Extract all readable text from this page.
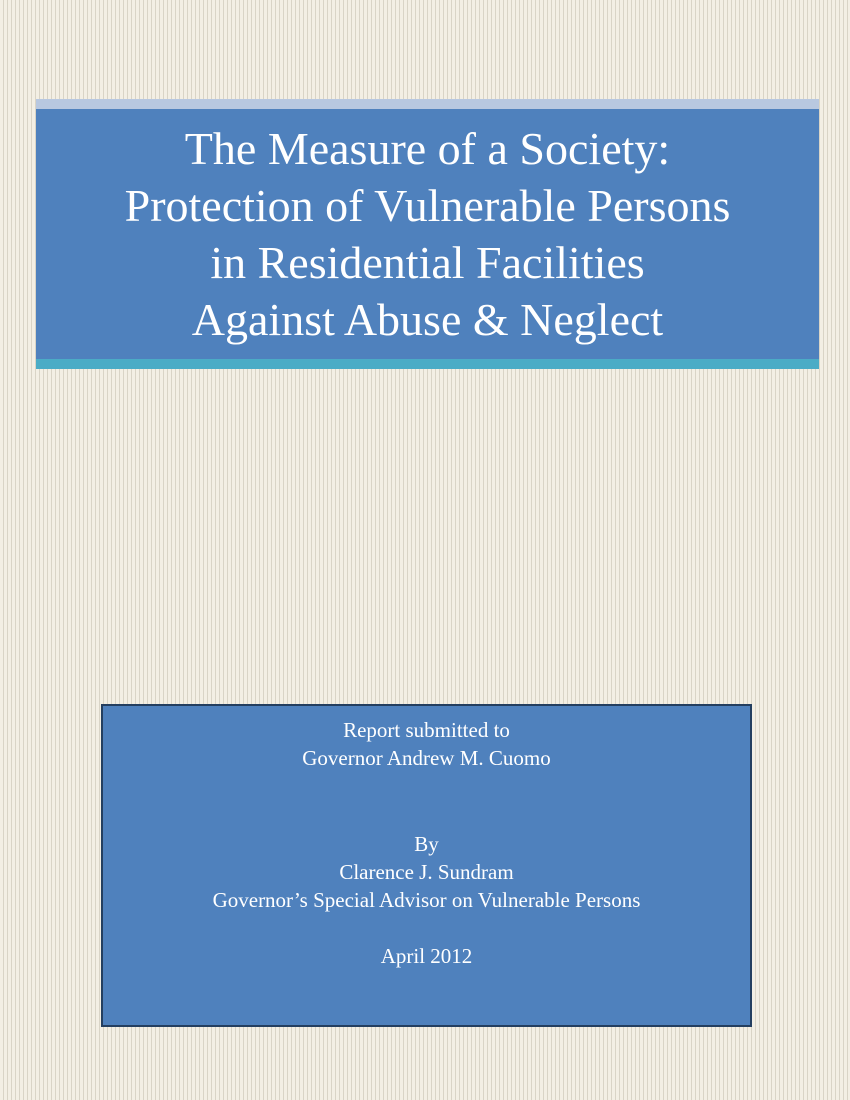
The Measure of a Society:
Protection of Vulnerable Persons
in Residential Facilities
Against Abuse & Neglect
Report submitted to
Governor Andrew M. Cuomo
By
Clarence J. Sundram
Governor’s Special Advisor on Vulnerable Persons
April 2012
